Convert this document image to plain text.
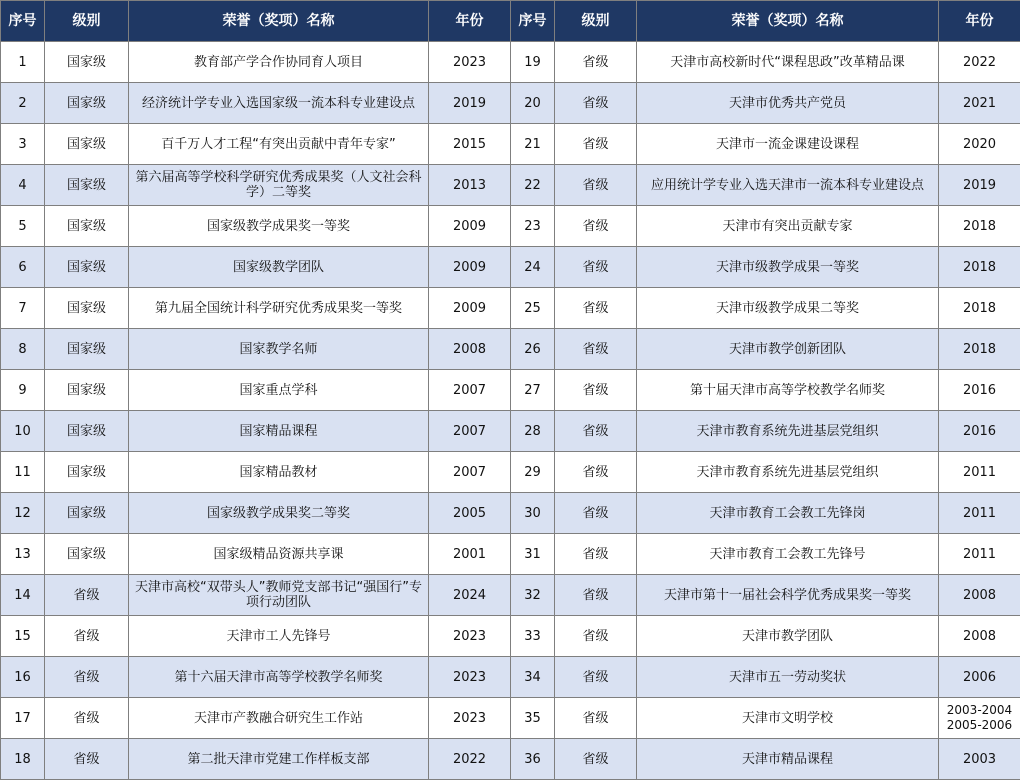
序号	级别	荣誉（奖项）名称	年份	序号	级别	荣誉（奖项）名称	年份
1	国家级	教育部产学合作协同育人项目	2023	19	省级	天津市高校新时代“课程思政”改革精品课	2022
2	国家级	经济统计学专业入选国家级一流本科专业建设点	2019	20	省级	天津市优秀共产党员	2021
3	国家级	百千万人才工程“有突出贡献中青年专家”	2015	21	省级	天津市一流金课建设课程	2020
4	国家级	第六届高等学校科学研究优秀成果奖（人文社会科学）二等奖	2013	22	省级	应用统计学专业入选天津市一流本科专业建设点	2019
5	国家级	国家级教学成果奖一等奖	2009	23	省级	天津市有突出贡献专家	2018
6	国家级	国家级教学团队	2009	24	省级	天津市级教学成果一等奖	2018
7	国家级	第九届全国统计科学研究优秀成果奖一等奖	2009	25	省级	天津市级教学成果二等奖	2018
8	国家级	国家教学名师	2008	26	省级	天津市教学创新团队	2018
9	国家级	国家重点学科	2007	27	省级	第十届天津市高等学校教学名师奖	2016
10	国家级	国家精品课程	2007	28	省级	天津市教育系统先进基层党组织	2016
11	国家级	国家精品教材	2007	29	省级	天津市教育系统先进基层党组织	2011
12	国家级	国家级教学成果奖二等奖	2005	30	省级	天津市教育工会教工先锋岗	2011
13	国家级	国家级精品资源共享课	2001	31	省级	天津市教育工会教工先锋号	2011
14	省级	天津市高校“双带头人”教师党支部书记“强国行”专项行动团队	2024	32	省级	天津市第十一届社会科学优秀成果奖一等奖	2008
15	省级	天津市工人先锋号	2023	33	省级	天津市教学团队	2008
16	省级	第十六届天津市高等学校教学名师奖	2023	34	省级	天津市五一劳动奖状	2006
17	省级	天津市产教融合研究生工作站	2023	35	省级	天津市文明学校	2003-2004
2005-2006
18	省级	第二批天津市党建工作样板支部	2022	36	省级	天津市精品课程	2003
